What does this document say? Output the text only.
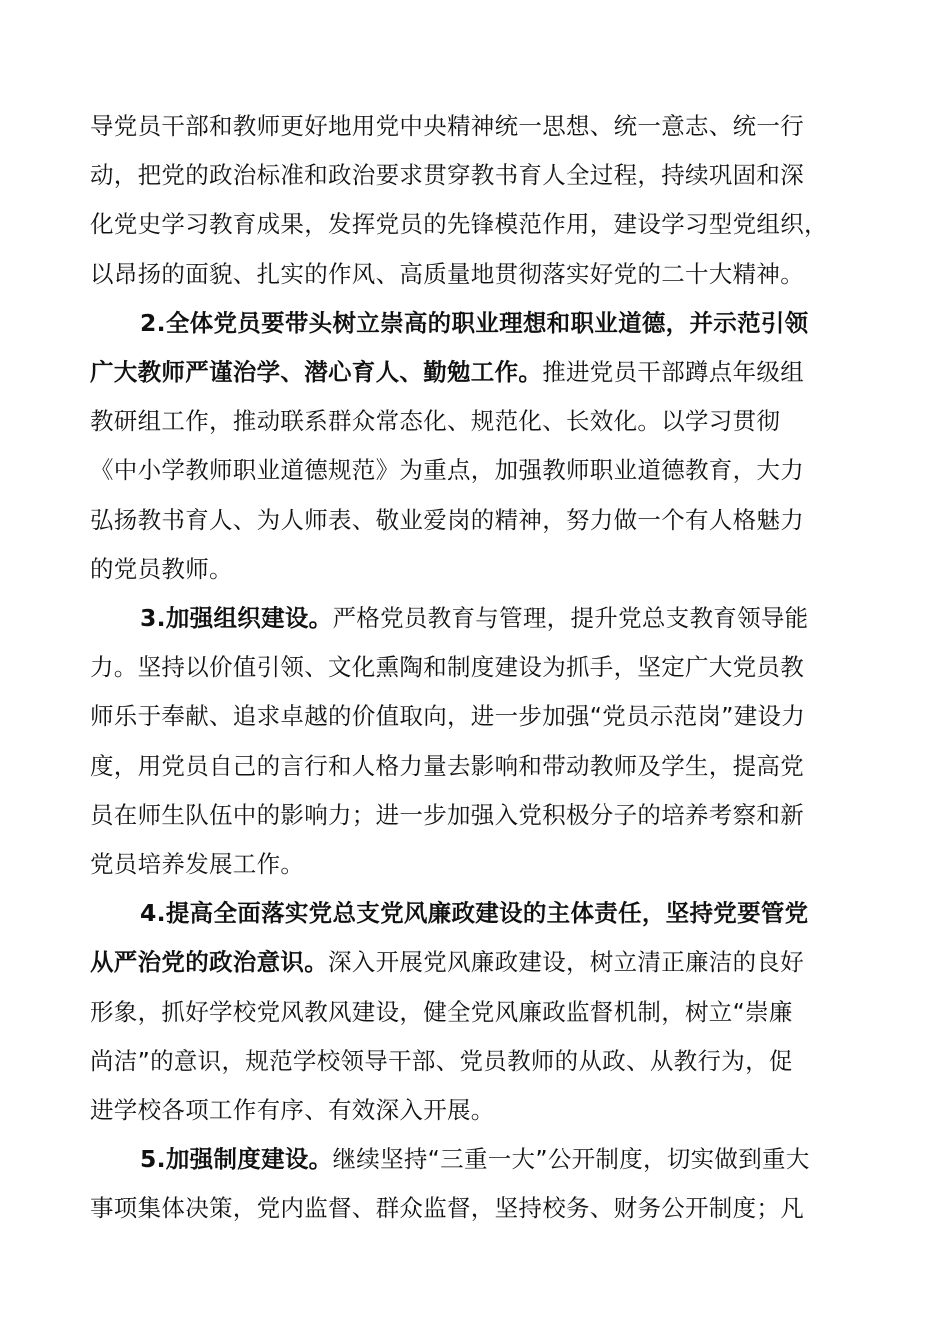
导党员干部和教师更好地用党中央精神统一思想、统一意志、统一行
动，把党的政治标准和政治要求贯穿教书育人全过程，持续巩固和深
化党史学习教育成果，发挥党员的先锋模范作用，建设学习型党组织，
以昂扬的面貌、扎实的作风、高质量地贯彻落实好党的二十大精神。
2.全体党员要带头树立崇高的职业理想和职业道德，并示范引领
广大教师严谨治学、潜心育人、勤勉工作。推进党员干部蹲点年级组
教研组工作，推动联系群众常态化、规范化、长效化。以学习贯彻
《中小学教师职业道德规范》为重点，加强教师职业道德教育，大力
弘扬教书育人、为人师表、敬业爱岗的精神，努力做一个有人格魅力
的党员教师。
3.加强组织建设。严格党员教育与管理，提升党总支教育领导能
力。坚持以价值引领、文化熏陶和制度建设为抓手，坚定广大党员教
师乐于奉献、追求卓越的价值取向，进一步加强“党员示范岗”建设力
度，用党员自己的言行和人格力量去影响和带动教师及学生，提高党
员在师生队伍中的影响力；进一步加强入党积极分子的培养考察和新
党员培养发展工作。
4.提高全面落实党总支党风廉政建设的主体责任，坚持党要管党
从严治党的政治意识。深入开展党风廉政建设，树立清正廉洁的良好
形象，抓好学校党风教风建设，健全党风廉政监督机制，树立“崇廉
尚洁”的意识，规范学校领导干部、党员教师的从政、从教行为，促
进学校各项工作有序、有效深入开展。
5.加强制度建设。继续坚持“三重一大”公开制度，切实做到重大
事项集体决策，党内监督、群众监督，坚持校务、财务公开制度；凡
